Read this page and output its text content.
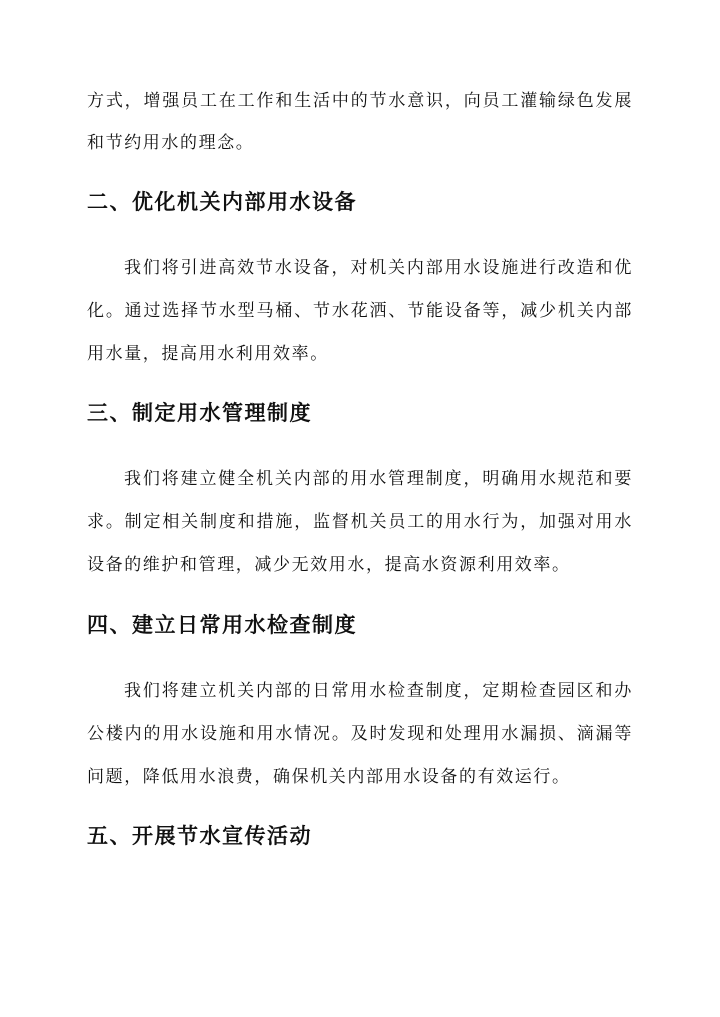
方式，增强员工在工作和生活中的节水意识，向员工灌输绿色发展
和节约用水的理念。
二、优化机关内部用水设备
我们将引进高效节水设备，对机关内部用水设施进行改造和优
化。通过选择节水型马桶、节水花洒、节能设备等，减少机关内部
用水量，提高用水利用效率。
三、制定用水管理制度
我们将建立健全机关内部的用水管理制度，明确用水规范和要
求。制定相关制度和措施，监督机关员工的用水行为，加强对用水
设备的维护和管理，减少无效用水，提高水资源利用效率。
四、建立日常用水检查制度
我们将建立机关内部的日常用水检查制度，定期检查园区和办
公楼内的用水设施和用水情况。及时发现和处理用水漏损、滴漏等
问题，降低用水浪费，确保机关内部用水设备的有效运行。
五、开展节水宣传活动
